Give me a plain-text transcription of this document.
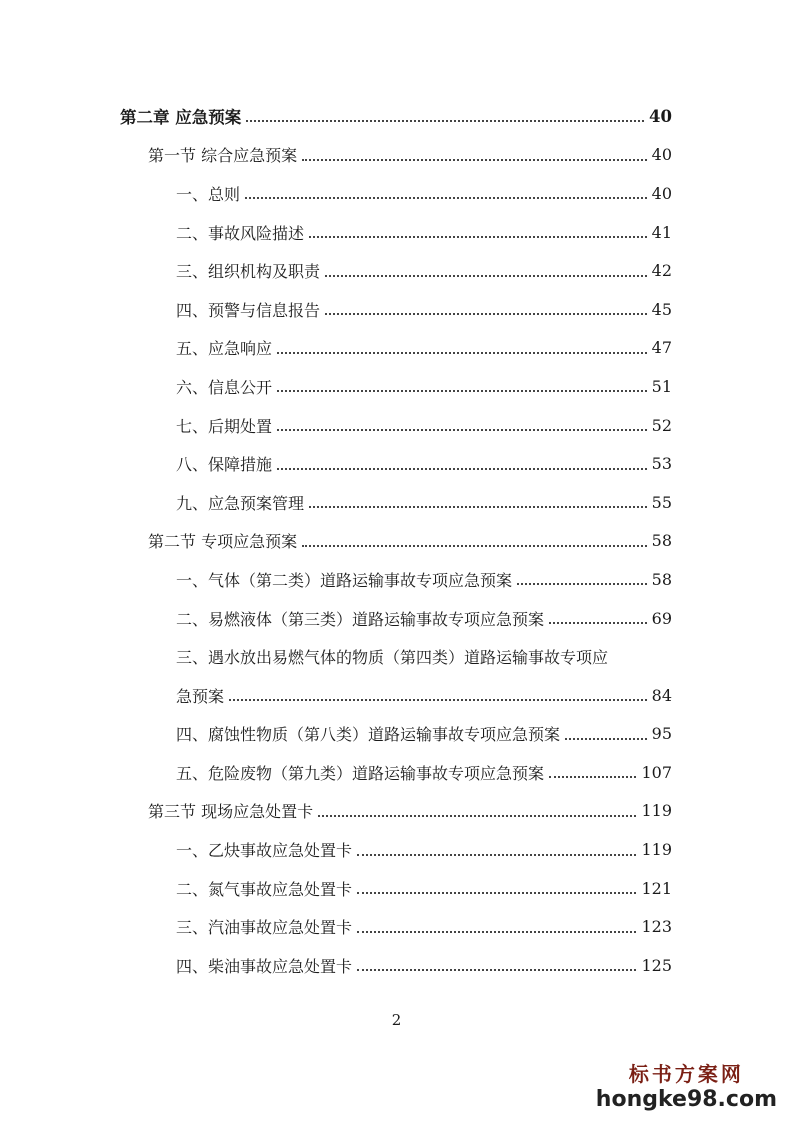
第二章 应急预案	40
第一节 综合应急预案	40
一、总则	40
二、事故风险描述	41
三、组织机构及职责	42
四、预警与信息报告	45
五、应急响应	47
六、信息公开	51
七、后期处置	52
八、保障措施	53
九、应急预案管理	55
第二节 专项应急预案	58
一、气体（第二类）道路运输事故专项应急预案	58
二、易燃液体（第三类）道路运输事故专项应急预案	69
三、遇水放出易燃气体的物质（第四类）道路运输事故专项应
急预案	84
四、腐蚀性物质（第八类）道路运输事故专项应急预案	95
五、危险废物（第九类）道路运输事故专项应急预案	107
第三节 现场应急处置卡	119
一、乙炔事故应急处置卡	119
二、氮气事故应急处置卡	121
三、汽油事故应急处置卡	123
四、柴油事故应急处置卡	125
2
标书方案网
hongke98.com
